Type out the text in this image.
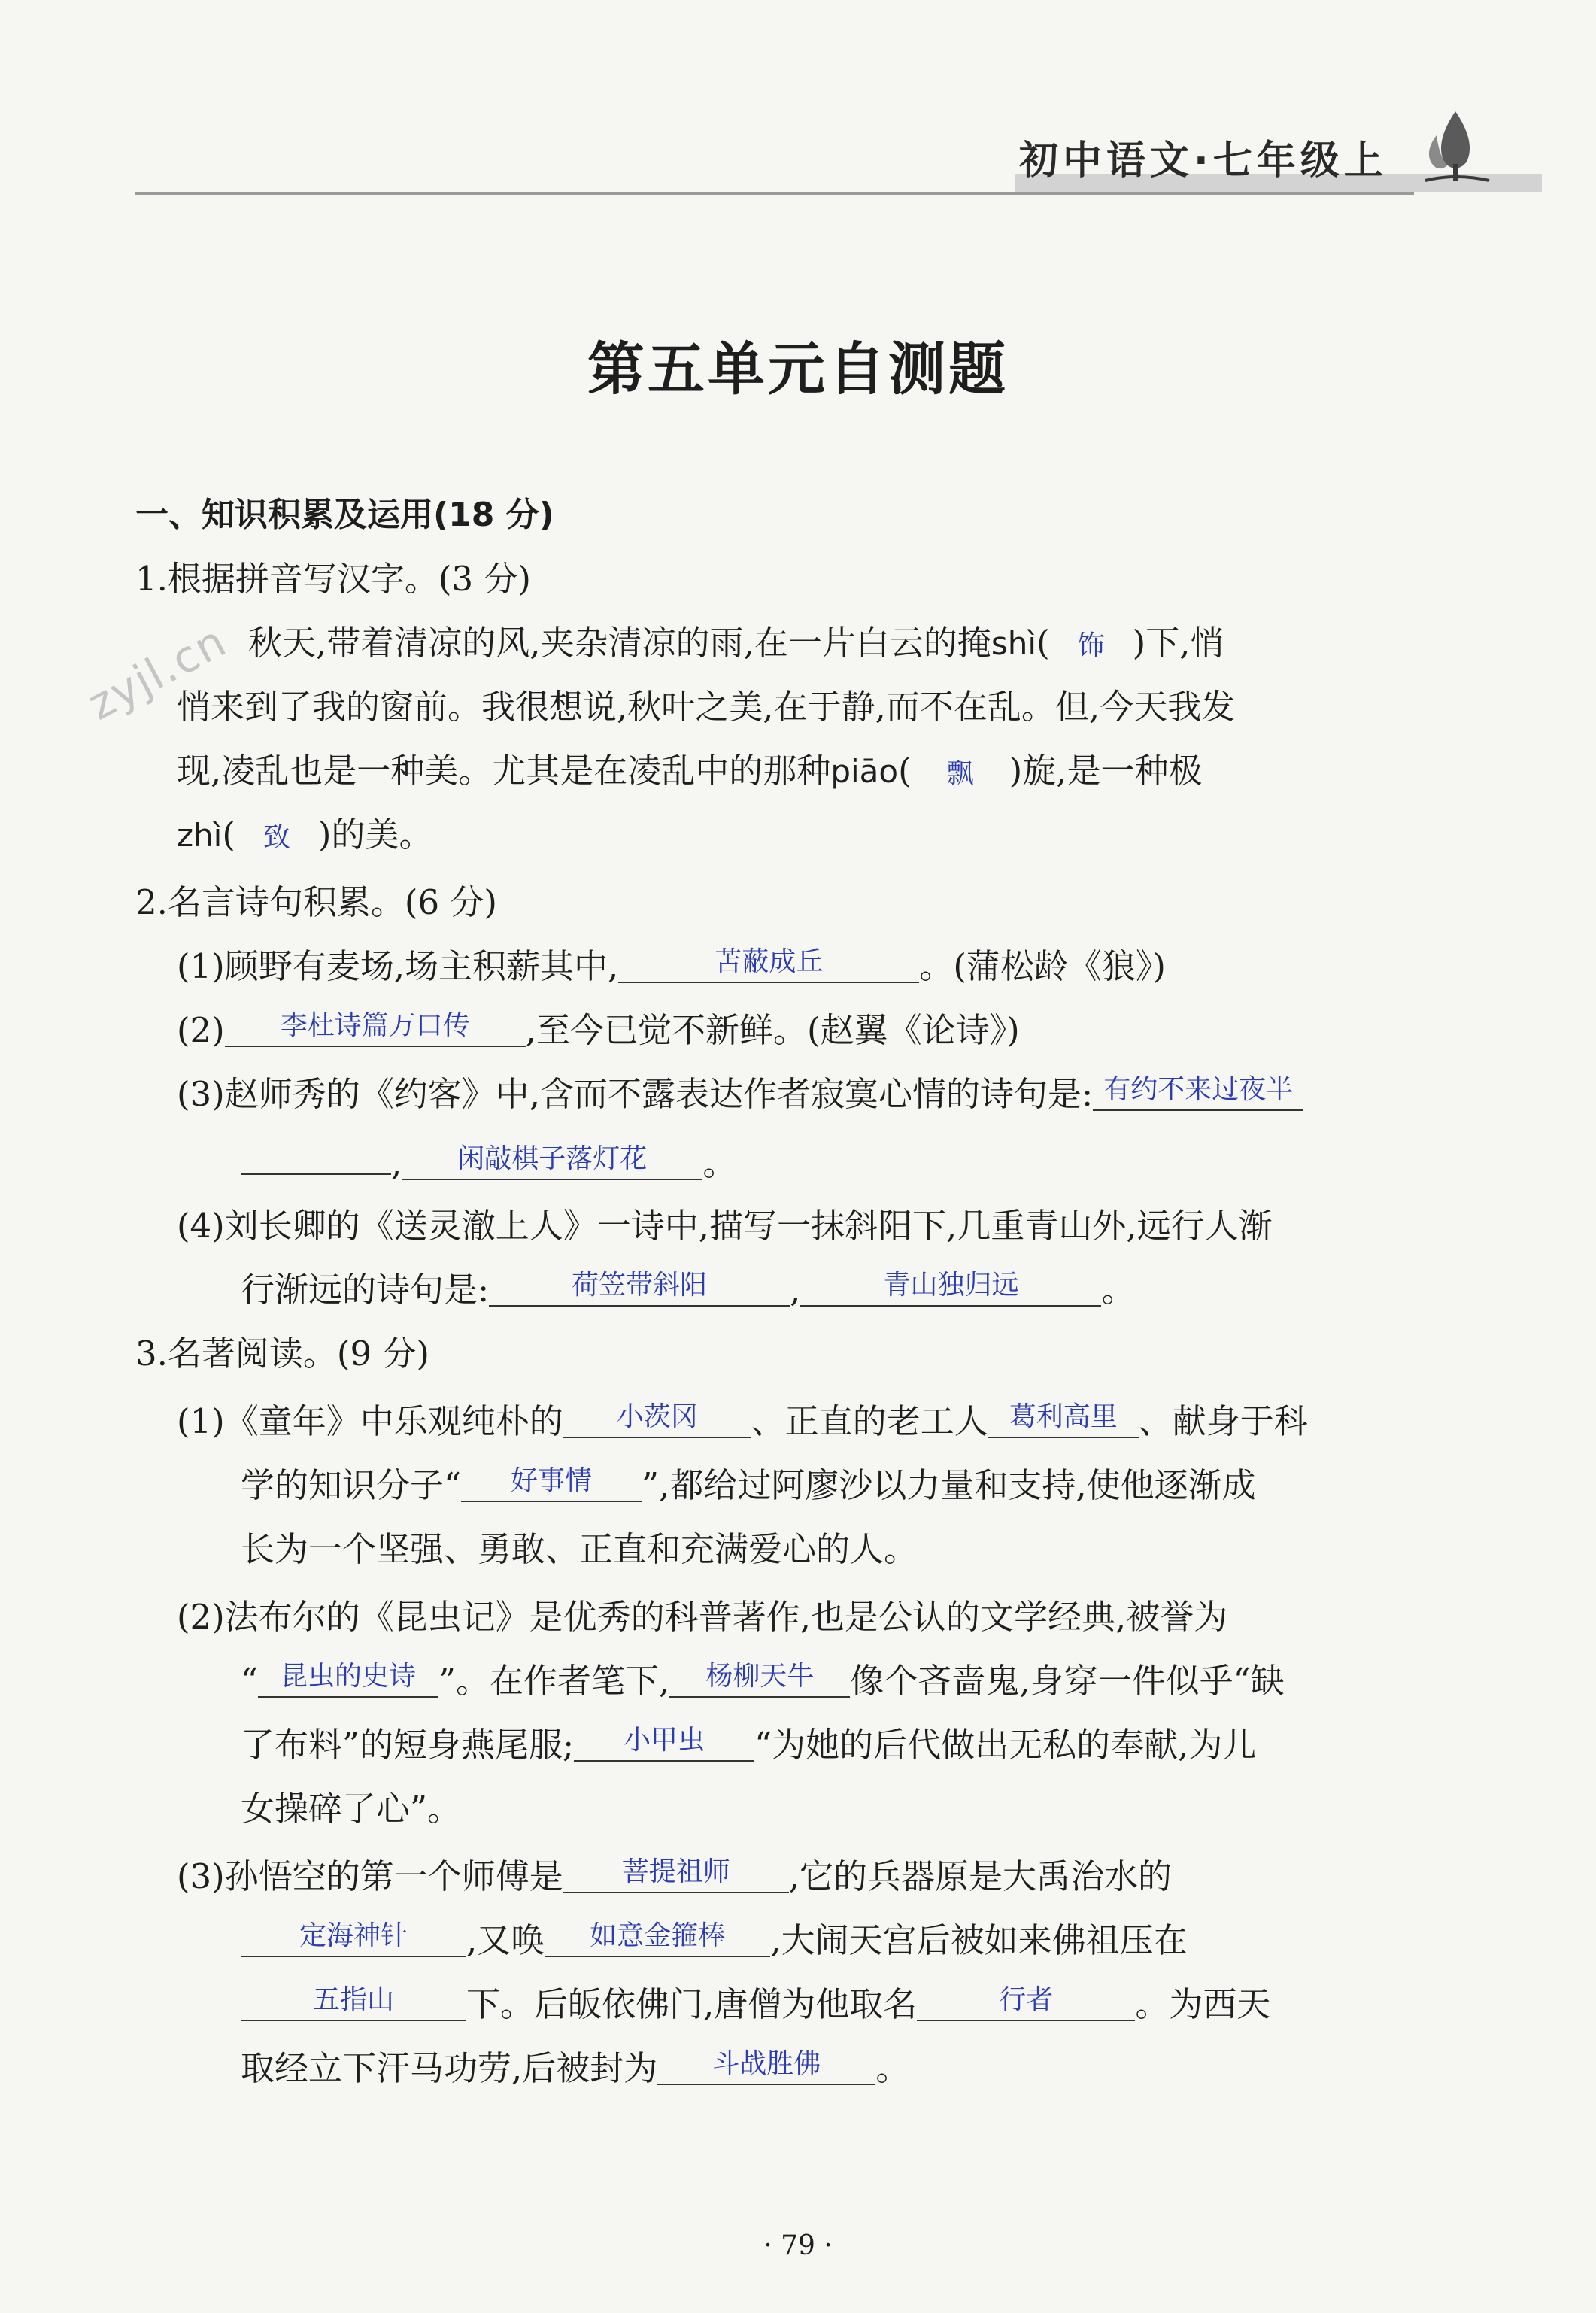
初中语文·七年级上
第五单元自测题
zyjl.cn
一、知识积累及运用(18 分)
1.根据拼音写汉字。(3 分)
秋天,带着清凉的风,夹杂清凉的雨,在一片白云的掩shì( 饰 )下,悄
悄来到了我的窗前。我很想说,秋叶之美,在于静,而不在乱。但,今天我发
现,凌乱也是一种美。尤其是在凌乱中的那种piāo( 飘 )旋,是一种极
zhì( 致 )的美。
2.名言诗句积累。(6 分)
(1)顾野有麦场,场主积薪其中,	$^{苫蔽成丘}$	。(蒲松龄《狼》)
(2) $^{李杜诗篇万口传}$ ,至今已觉不新鲜。(赵翼《论诗》)
(3)赵师秀的《约客》中,含而不露表达作者寂寞心情的诗句是: $^{有约不来过夜半}$
, $^{闲敲棋子落灯花}$ 。
(4)刘长卿的《送灵澈上人》一诗中,描写一抹斜阳下,几重青山外,远行人渐
行渐远的诗句是:	$^{荷笠带斜阳}$ ,	$^{青山独归远}$ 。
3.名著阅读。(9 分)
(1)《童年》中乐观纯朴的 $^{小茨冈}$ 、正直的老工人 $^{葛利高里}$ 、献身于科
学的知识分子“ $^{好事情}$ ”,都给过阿廖沙以力量和支持,使他逐渐成
长为一个坚强、勇敢、正直和充满爱心的人。
(2)法布尔的《昆虫记》是优秀的科普著作,也是公认的文学经典,被誉为
“ $^{昆虫的史诗}$ ”。在作者笔下, $^{杨柳天牛}$ 像个吝啬鬼,身穿一件似乎“缺
了布料”的短身燕尾服; $^{小甲虫}$ “为她的后代做出无私的奉献,为儿
女操碎了心”。
(3)孙悟空的第一个师傅是 $^{菩提祖师}$ ,它的兵器原是大禹治水的
$^{定海神针}$ ,又唤 $^{如意金箍棒}$ ,大闹天宫后被如来佛祖压在
$^{五指山}$ 下。后皈依佛门,唐僧为他取名	$^{行者}$ 。为西天
取经立下汗马功劳,后被封为 $^{斗战胜佛}$ 。
· 79 ·
